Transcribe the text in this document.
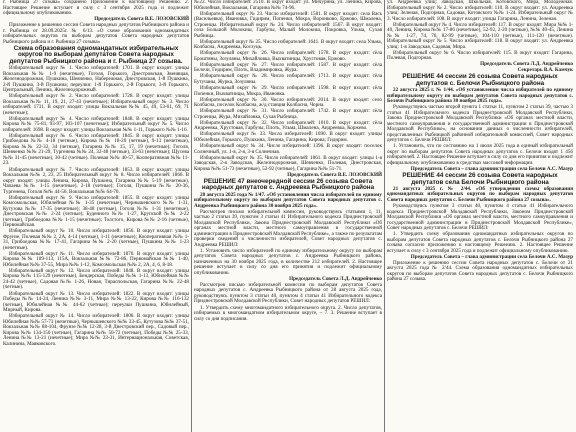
г. Рыбница 27 созыва» сохранено Приложение к настоящему Решению. 2. Настоящее Решение вступает в силу с 3 сентября 2025 года и подлежит официальному опубликованию.

Председатель Совета В.Е. ЛОЗОВСКИЙ

Приложение к решению сессии Совета народных депутатов Рыбницкого района и г. Рыбница от 28.09.2025г. № 6/13. «О схеме образования одномандатных избирательных округов по выборам депутатов Совета народных депутатов Рыбницкого района и г. Рыбница 27 созыва»

Схема образования одномандатных избирательных округов по выборам депутатов Совета народных депутатов Рыбницкого района и г. Рыбница 27 созыва.

Избирательный округ № 1. Число избирателей: 1701. В округ входят: улицы Вокзальная №№ 1-9 (нечетные), Гоголя, Горького, Днестровская, Звенящая, Железнодорожная, Пушкина, Шевченко, Набережная, Днестровская, 1-й Пушкина, 2-й Пушкина, 3-й Пушкина; переулки: 1-й Горького, 2-й Горького, 3-й Горького, Центральный, Ленина, Железнодорожный.

Избирательный округ № 2. Число избирателей: 1728. В округ входят: улицы Вокзальная №№ 11, 19, 21, 27-43 (нечетные); Избирательный округ № 3. Число избирателей: 1731. В округ входят: улицы Вокзальная №№ 45, 49, 53-61, 69, 71 (нечетные);

Избирательный округ № 4. Число избирателей: 1848. В округ входят: улицы Кирова №№ 75-81, 93-97, 103-107 (нечетные); Избирательный округ № 5. Число избирателей: 1698. В округ входят: улицы Вокзальная №№ 1-11, Горького №№ 1-16.

Избирательный округ № 6. Число избирателей: 1845. В округ входят: улицы Грибоедова №№ 4-18 (четные), Кирова №№ 18-20 (четные), 9-13 (нечетные), Кирова №№ 22-32, 34 (четные), Гагарина №№ 15, 17, 19 (нечетные); Гоголя, Шевченко №№ 21-29, Тургенева №№ 24, 32-48 (четные), 33-63 (нечетные); Щусева №№ 31-45 (нечетные), 30-42 (четные). Полевая №№ 40-57, Кооперативная №№ 11-23.

Избирательный округ № 7. Число избирателей: 1853. В округ входят: улицы Вокзальная №№ 2, 23, 25 Избирательный округ № 8. Число избирателей: 1866. В округ входят: улицы Ленина, Кирова, Пушкина, Гагарина №№ 5-19 (нечетные), Чапаева №№ 1-15 (нечетные), 2-18 (четные); Гоголя, Пушкина №№ 20-36, Тургенева, Гоголя №№ 44-56, Вокзальная №№ 64-70.

Избирательный округ № 9. Число избирателей: 1855. В округ входят: улицы Комсомольская, Юбилейная №№ 1-35 (нечетные), Чернышевского №№ 1-31, Кутузова №№ 17-35 (нечетные); 38-48 (четные), Гоголя №№ 1-31 (нечетные), Днестровская №№ 2-24 (четные); Буденного №№ 1-27, Крупской №№ 2-22 (четные), Грибоедова №№ 1-15 (нечетные); Толстого, Кирова №№ 2-16 (четные), Первомайская.

Избирательный округ № 10. Число избирателей: 1856. В округ входят: улицы Фрунзе, Полевая №№ 2, 2А, 4-14 (четные), 1-11 (нечетные); Кооперативная №№ 1-31, Грибоедова №№ 17-41, Гагарина №№ 2-20 (четные), Пушкина №№ 1-23 (нечетные).

Избирательный округ № 11. Число избирателей: 1870. В округ входят: улицы Кирова №№ 109-113, 115А, Вокзальная №№ 72-86, Первомайская №№ 1-40, Юбилейная №№ 37-55, Мира №№ 1-12, Комсомольская №№ 2, 2А, 4, 6, 8-18.

Избирательный округ № 12. Число избирателей: 1848. В округ входят: улицы Кирова №№ 115-129 (нечетные), Бендерская, Победы №№ 1-13, Юбилейная №№ 24-42 (четные), Садовая №№ 1-26, Новая, Тираспольская, Гагарина №№ 22-48 (четные).

Избирательный округ № 13. Число избирателей: 1822. В округ входят: улицы Победы №№ 14-24, Ленина №№ 3-11, Мира №№ 13-22, Кирова №№ 116-132 (четные), Юбилейная №№ 44-62 (четные); переулки Пушкина, Юбилейный, Мирный, Кирова.

Избирательный округ № 14. Число избирателей: 1806. В округ входят: улицы Юбилейная №№ 57-73 (нечетные), Чернышевского №№ 33-45, Кутузова №№ 37-51, Вокзальная №№ 88-104, Фрунзе №№ 12-28, 3-й Днестровский пер., Садовый пер., Кирова №№ 134-150 (четные), Гагарина №№ 50-72 (четные), Победы №№ 25-33, Ленина №№ 13-21 (нечетные); Мира №№ 23-31, Интернациональная, Советская, Калинина, Маяковского.

№22. Число избирателей: 2510. В округ входят: ул. Мичурина, ул. Ленина, Кирова, Юбилейная, Вокзальная, Гагарина №№ 74-96.

Избирательный округ № 23. Число избирателей: 1581. В округ входят: села Вась (Васильевка), Ивановка, Гидирим, Попенки, Мокра, Воронково, Ержово, Шмалена, Строенцы. Избирательный округ № 24. Число избирателей: 1567. В округ входят: села Большой Молокиш, Гарбузы, Малый Молокиш, Покровка, Ульма, Сухая Рыбница.

Избирательный округ № 25. Число избирателей: 1641. В округ входят: села Ульма, Колбасна, Андреевка, Косэуць.

Избирательный округ № 26. Число избирателей: 1578. В округ входят: сёла Броштяны, Зозуляны, Михайловка, Выхватинцы, Хрустовая, Ержово.

Избирательный округ № 27. Число избирателей: 1587. В округ входят: сёла Белочи, Гидирим, Плоть, Владимировка, Жура.

Избирательный округ № 28. Число избирателей: 1713. В округ входят: сёла Бутучаны, Журка, Зозуляны.

Избирательный округ № 29. Число избирателей: 1598. В округ входят: сёла Попенки, Выхватинцы, Мокра, Ивановка.

Избирательный округ № 30. Число избирателей: 2014. В округ входят: село Колбасна, поселок Колбасна, ж/д станция Колбасна, Чорна.

Избирательный округ № 31. Число избирателей: 1742. В округ входят: сёла Строенцы, Жура, Михайловка, Сухая Рыбница.

Избирательный округ № 32. Число избирателей: 1010. В округ входят: сёла Андреевка, Хрустовая, Гарбузы, Плоть, Ульма, Шмалена, Андреевка, Коржево.

Избирательный округ № 33. Число избирателей: 1690. В округ входят: улицы Юбилейная, Горького, Пушкина, Ленина, Гагарина, Кирова; Гидирим.

Избирательный округ № 34. Число избирателей: 1396. В округ входят: поселок Солнечный, ул. 1-я, 2-я, 3-я Солнечная.

Избирательный округ № 35. Число избирателей: 1861. В округ входят: улицы 1-я Заводская, 2-я Заводская, Железнодорожная, Шевченко, Полевая, Днестровская, Кирова №№ 51-73 (нечетные), 52-92 (четные), Гагарина №№ 51-71.

Председатель Совета В.Е. ЛОЗОВСКИЙ

РЕШЕНИЕ 47 внеочередной сессии 26 созыва Совета народных депутатов с. Андреевка Рыбницкого района

28 августа 2025 года № 1/47. «Об установлении числа избирателей по единому избирательному округу по выборам депутатов Совета народных депутатов с. Андреевка Рыбницкого района 30 ноября 2025 года».

Рассмотрев письмо избирательной комиссии, руководствуясь статьями 1, 11, частью 2 статьи 39, пунктом 3 статьи 41 Избирательного кодекса Приднестровской Молдавской Республики, Закона Приднестровской Молдавской Республики «Об органах местной власти, местного самоуправления и государственной администрации в Приднестровской Молдавской Республике», а также по результатам проверки сведений о численности избирателей, Совет народных депутатов с. Андреевка РЕШИЛ:

1. Установить число избирателей по единому избирательному округу по выборам депутатов Совета народных депутатов с. Андреевка Рыбницкого района, назначенных на 30 ноября 2025 года, в количестве 212 избирателей. 2. Настоящее решение вступает в силу со дня его принятия и подлежит официальному опубликованию.

Председатель Совета Л.Д. Андрейченко

Рассмотрев письмо избирательной комиссии по выборам депутатов Совета народных депутатов с. Андреевка Рыбницкого района от 28 августа 2025 года, руководствуясь пунктом 3 статьи 40, пунктом 4 статьи 41 Избирательного кодекса Приднестровской Молдавской Республики, Совет народных депутатов РЕШИЛ:

1. Утвердить схему многомандатного избирательного округа. 2. Число депутатов, избираемых в многомандатном избирательном округе, – 7. 3. Решение вступает в силу со дня подписания.

ул. Андреевка улиц: Заводская, Школьная, Котовского, Мира, Молодежная. Избирательный округ № 2. Число избирателей: 110. В округ входят: ул. Андреевка улиц: Зеленая, Подгорная, Садовая, Котовского №№ 1-24. Избирательный округ № 3. Число избирателей: 108. В округ входят: улицы Гагарина, Ленина, Зеленая.

Избирательный округ № 4. Число избирателей: 117. В округ входят: Мира №№ 1-40, Ленина, Кирова №№ 17-86 (нечетные), 52-92, 2-20 (четные), №№ 40-45, Ленина №№ 1-27, 74, 76, 82-99 (четные), 104-110 (четные), 111-120 (нечетные). Избирательный округ № 5. Число избирателей: 118. В округ входят: ул. Андреевка улиц: 1-я Заводская, Садовая, Мира.

Избирательный округ № 6. Число избирателей: 115. В округ входят: Гагарина, Полевая, Подгорная.

Председатель Совета Л.Д. Андрейченко

Секретарь В.А. Камчук

РЕШЕНИЕ 44 сессии 26 созыва Совета народных депутатов с. Белочи Рыбницкого района

22 августа 2025 г. № 1/44. «Об установлении числа избирателей по единому избирательному округу по выборам депутатов Совета народных депутатов с. Белочи Рыбницкого района 30 ноября 2025 года».

Руководствуясь частью второй пункта 1 статьи 11, пунктом 2 статьи 39, частью 3 статьи 41 Избирательного кодекса Приднестровской Молдавской Республики, Закона Приднестровской Молдавской Республики «Об органах местной власти, местного самоуправления и государственной администрации в Приднестровской Молдавской Республике», на основании данных о численности избирателей, представленных Рыбницкой районной избирательной комиссией, Совет народных депутатов с. Белочи РЕШИЛ:

1. Установить, что по состоянию на 1 июля 2025 года в единый избирательный округ по выборам депутатов Совета народных депутатов с. Белочи входят 1 456 избирателей. 2. Настоящее Решение вступает в силу со дня его принятия и подлежит официальному опубликованию в средствах массовой информации.

Председатель Совета – глава администрации села Белочи А.С. Мазур

РЕШЕНИЕ 44 сессии 26 созыва Совета народных депутатов села Белочи Рыбницкого района

21 августа 2025 г. № 2/44. «Об утверждении схемы образования одномандатных избирательных округов по выборам народных депутатов Совета народных депутатов с. Белочи Рыбницкого района 27 созыва».

Руководствуясь пунктом 3 статьи 40, пунктом 4 статьи 41 Избирательного кодекса Приднестровской Молдавской Республики, Законом Приднестровской Молдавской Республики «Об органах местной власти, местного самоуправления и государственной администрации в Приднестровской Молдавской Республике», Совет народных депутатов с. Белочи РЕШИЛ:

1. Утвердить схему образования одномандатных избирательных округов по выборам депутатов Совета народных депутатов с. Белочи Рыбницкого района 27 созыва согласно приложению к настоящему Решению. 2. Настоящее Решение вступает в силу с 3 сентября 2025 года и подлежит официальному опубликованию.

Председатель Совета – глава администрации села Белочи А.С. Мазур

Приложение к решению сессии Совета народных депутатов с. Белочи от 21 августа 2025 года № 2/44. Схема образования одномандатных избирательных округов по выборам депутатов Совета народных депутатов с. Белочи Рыбницкого района 27 созыва.
